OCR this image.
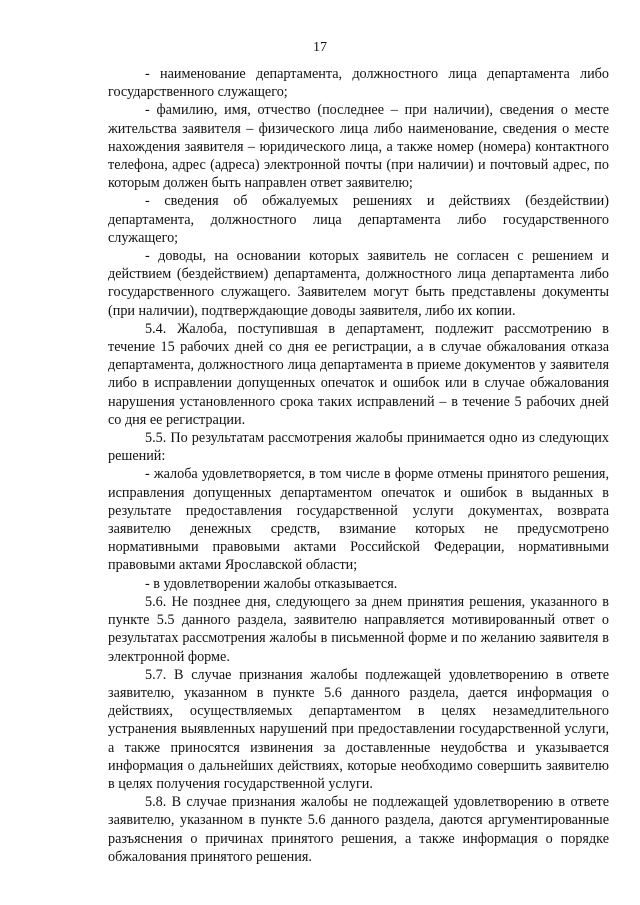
17

- наименование департамента, должностного лица департамента либо государственного служащего;

- фамилию, имя, отчество (последнее – при наличии), сведения о месте жительства заявителя – физического лица либо наименование, сведения о месте нахождения заявителя – юридического лица, а также номер (номера) контактного телефона, адрес (адреса) электронной почты (при наличии) и почтовый адрес, по которым должен быть направлен ответ заявителю;

- сведения об обжалуемых решениях и действиях (бездействии) департамента, должностного лица департамента либо государственного служащего;

- доводы, на основании которых заявитель не согласен с решением и действием (бездействием) департамента, должностного лица департамента либо государственного служащего. Заявителем могут быть представлены документы (при наличии), подтверждающие доводы заявителя, либо их копии.

5.4. Жалоба, поступившая в департамент, подлежит рассмотрению в течение 15 рабочих дней со дня ее регистрации, а в случае обжалования отказа департамента, должностного лица департамента в приеме документов у заявителя либо в исправлении допущенных опечаток и ошибок или в случае обжалования нарушения установленного срока таких исправлений – в течение 5 рабочих дней со дня ее регистрации.

5.5. По результатам рассмотрения жалобы принимается одно из следующих решений:

- жалоба удовлетворяется, в том числе в форме отмены принятого решения, исправления допущенных департаментом опечаток и ошибок в выданных в результате предоставления государственной услуги документах, возврата заявителю денежных средств, взимание которых не предусмотрено нормативными правовыми актами Российской Федерации, нормативными правовыми актами Ярославской области;

- в удовлетворении жалобы отказывается.

5.6. Не позднее дня, следующего за днем принятия решения, указанного в пункте 5.5 данного раздела, заявителю направляется мотивированный ответ о результатах рассмотрения жалобы в письменной форме и по желанию заявителя в электронной форме.

5.7. В случае признания жалобы подлежащей удовлетворению в ответе заявителю, указанном в пункте 5.6 данного раздела, дается информация о действиях, осуществляемых департаментом в целях незамедлительного устранения выявленных нарушений при предоставлении государственной услуги, а также приносятся извинения за доставленные неудобства и указывается информация о дальнейших действиях, которые необходимо совершить заявителю в целях получения государственной услуги.

5.8. В случае признания жалобы не подлежащей удовлетворению в ответе заявителю, указанном в пункте 5.6 данного раздела, даются аргументированные разъяснения о причинах принятого решения, а также информация о порядке обжалования принятого решения.
